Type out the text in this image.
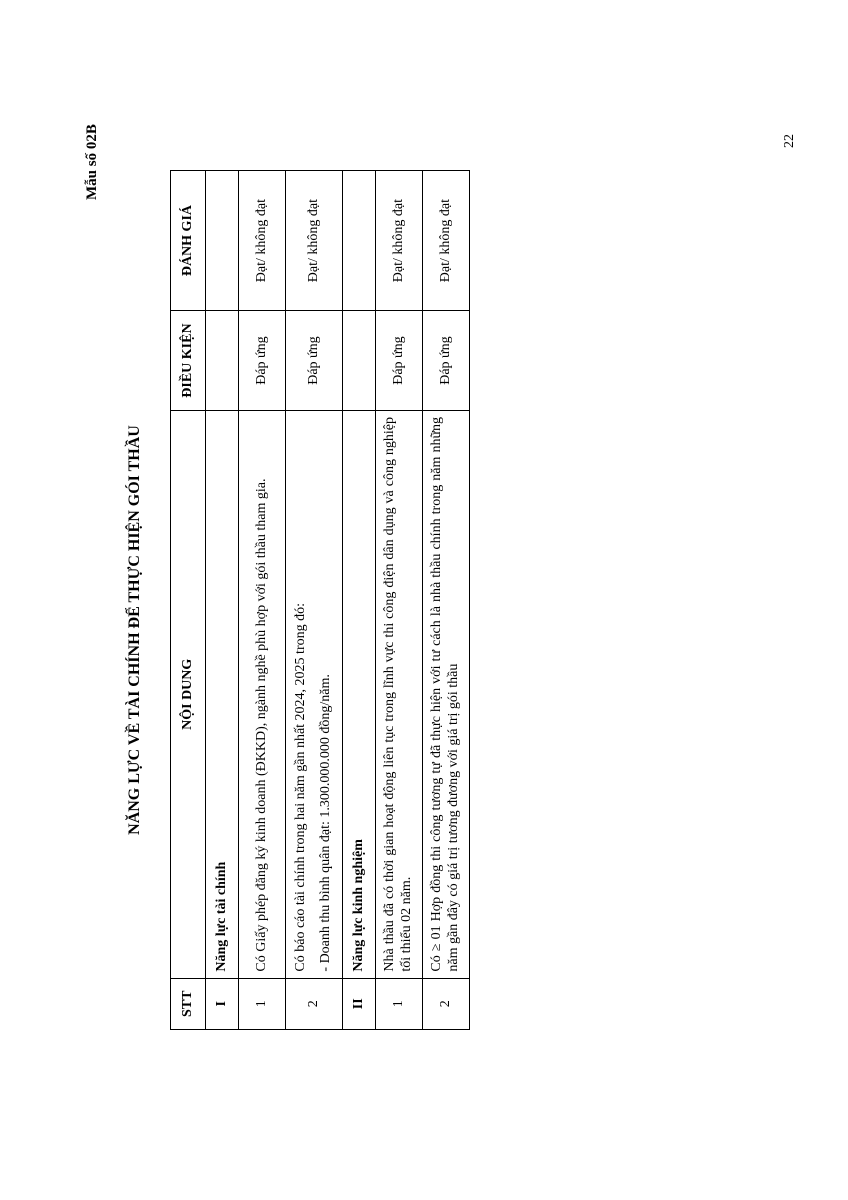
Mẫu số 02B	22
NĂNG LỰC VỀ TÀI CHÍNH ĐỂ THỰC HIỆN GÓI THẦU
STT	NỘI DUNG	ĐIỀU KIỆN	ĐÁNH GIÁ
I	Năng lực tài chính		
1	Có Giấy phép đăng ký kinh doanh (ĐKKD), ngành nghề phù hợp với gói thầu tham gia.	Đáp ứng	Đạt/ không đạt
2	Có báo cáo tài chính trong hai năm gần nhất 2024, 2025 trong đó: - Doanh thu bình quân đạt: 1.300.000.000 đồng/năm.	Đáp ứng	Đạt/ không đạt
II	Năng lực kinh nghiệm		
1	Nhà thầu đã có thời gian hoạt động liên tục trong lĩnh vực thi công điện dân dụng và công nghiệp tối thiểu 02 năm.	Đáp ứng	Đạt/ không đạt
2	Có ≥ 01 Hợp đồng thi công tương tự đã thực hiện với tư cách là nhà thầu chính trong năm những năm gần đây có giá trị tương đương với giá trị gói thầu	Đáp ứng	Đạt/ không đạt
